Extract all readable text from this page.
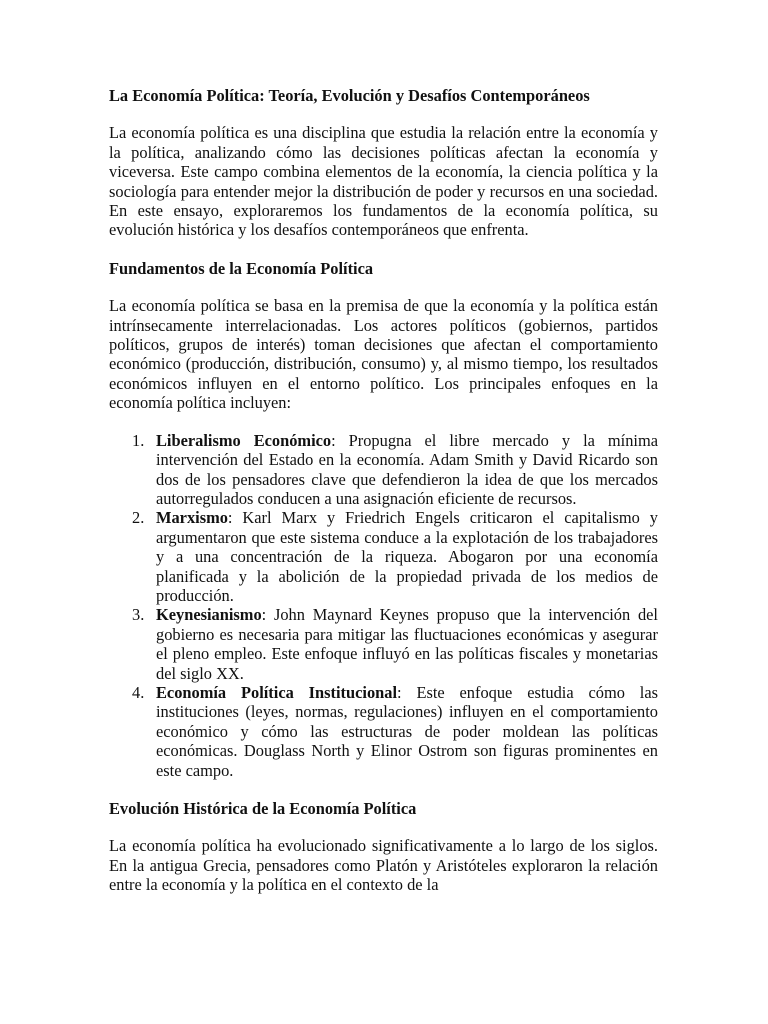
La Economía Política: Teoría, Evolución y Desafíos Contemporáneos

La economía política es una disciplina que estudia la relación entre la economía y la política, analizando cómo las decisiones políticas afectan la economía y viceversa. Este campo combina elementos de la economía, la ciencia política y la sociología para entender mejor la distribución de poder y recursos en una sociedad. En este ensayo, exploraremos los fundamentos de la economía política, su evolución histórica y los desafíos contemporáneos que enfrenta.

Fundamentos de la Economía Política

La economía política se basa en la premisa de que la economía y la política están intrínsecamente interrelacionadas. Los actores políticos (gobiernos, partidos políticos, grupos de interés) toman decisiones que afectan el comportamiento económico (producción, distribución, consumo) y, al mismo tiempo, los resultados económicos influyen en el entorno político. Los principales enfoques en la economía política incluyen:

1. Liberalismo Económico: Propugna el libre mercado y la mínima intervención del Estado en la economía. Adam Smith y David Ricardo son dos de los pensadores clave que defendieron la idea de que los mercados autorregulados conducen a una asignación eficiente de recursos.
2. Marxismo: Karl Marx y Friedrich Engels criticaron el capitalismo y argumentaron que este sistema conduce a la explotación de los trabajadores y a una concentración de la riqueza. Abogaron por una economía planificada y la abolición de la propiedad privada de los medios de producción.
3. Keynesianismo: John Maynard Keynes propuso que la intervención del gobierno es necesaria para mitigar las fluctuaciones económicas y asegurar el pleno empleo. Este enfoque influyó en las políticas fiscales y monetarias del siglo XX.
4. Economía Política Institucional: Este enfoque estudia cómo las instituciones (leyes, normas, regulaciones) influyen en el comportamiento económico y cómo las estructuras de poder moldean las políticas económicas. Douglass North y Elinor Ostrom son figuras prominentes en este campo.
Evolución Histórica de la Economía Política

La economía política ha evolucionado significativamente a lo largo de los siglos. En la antigua Grecia, pensadores como Platón y Aristóteles exploraron la relación entre la economía y la política en el contexto de la
